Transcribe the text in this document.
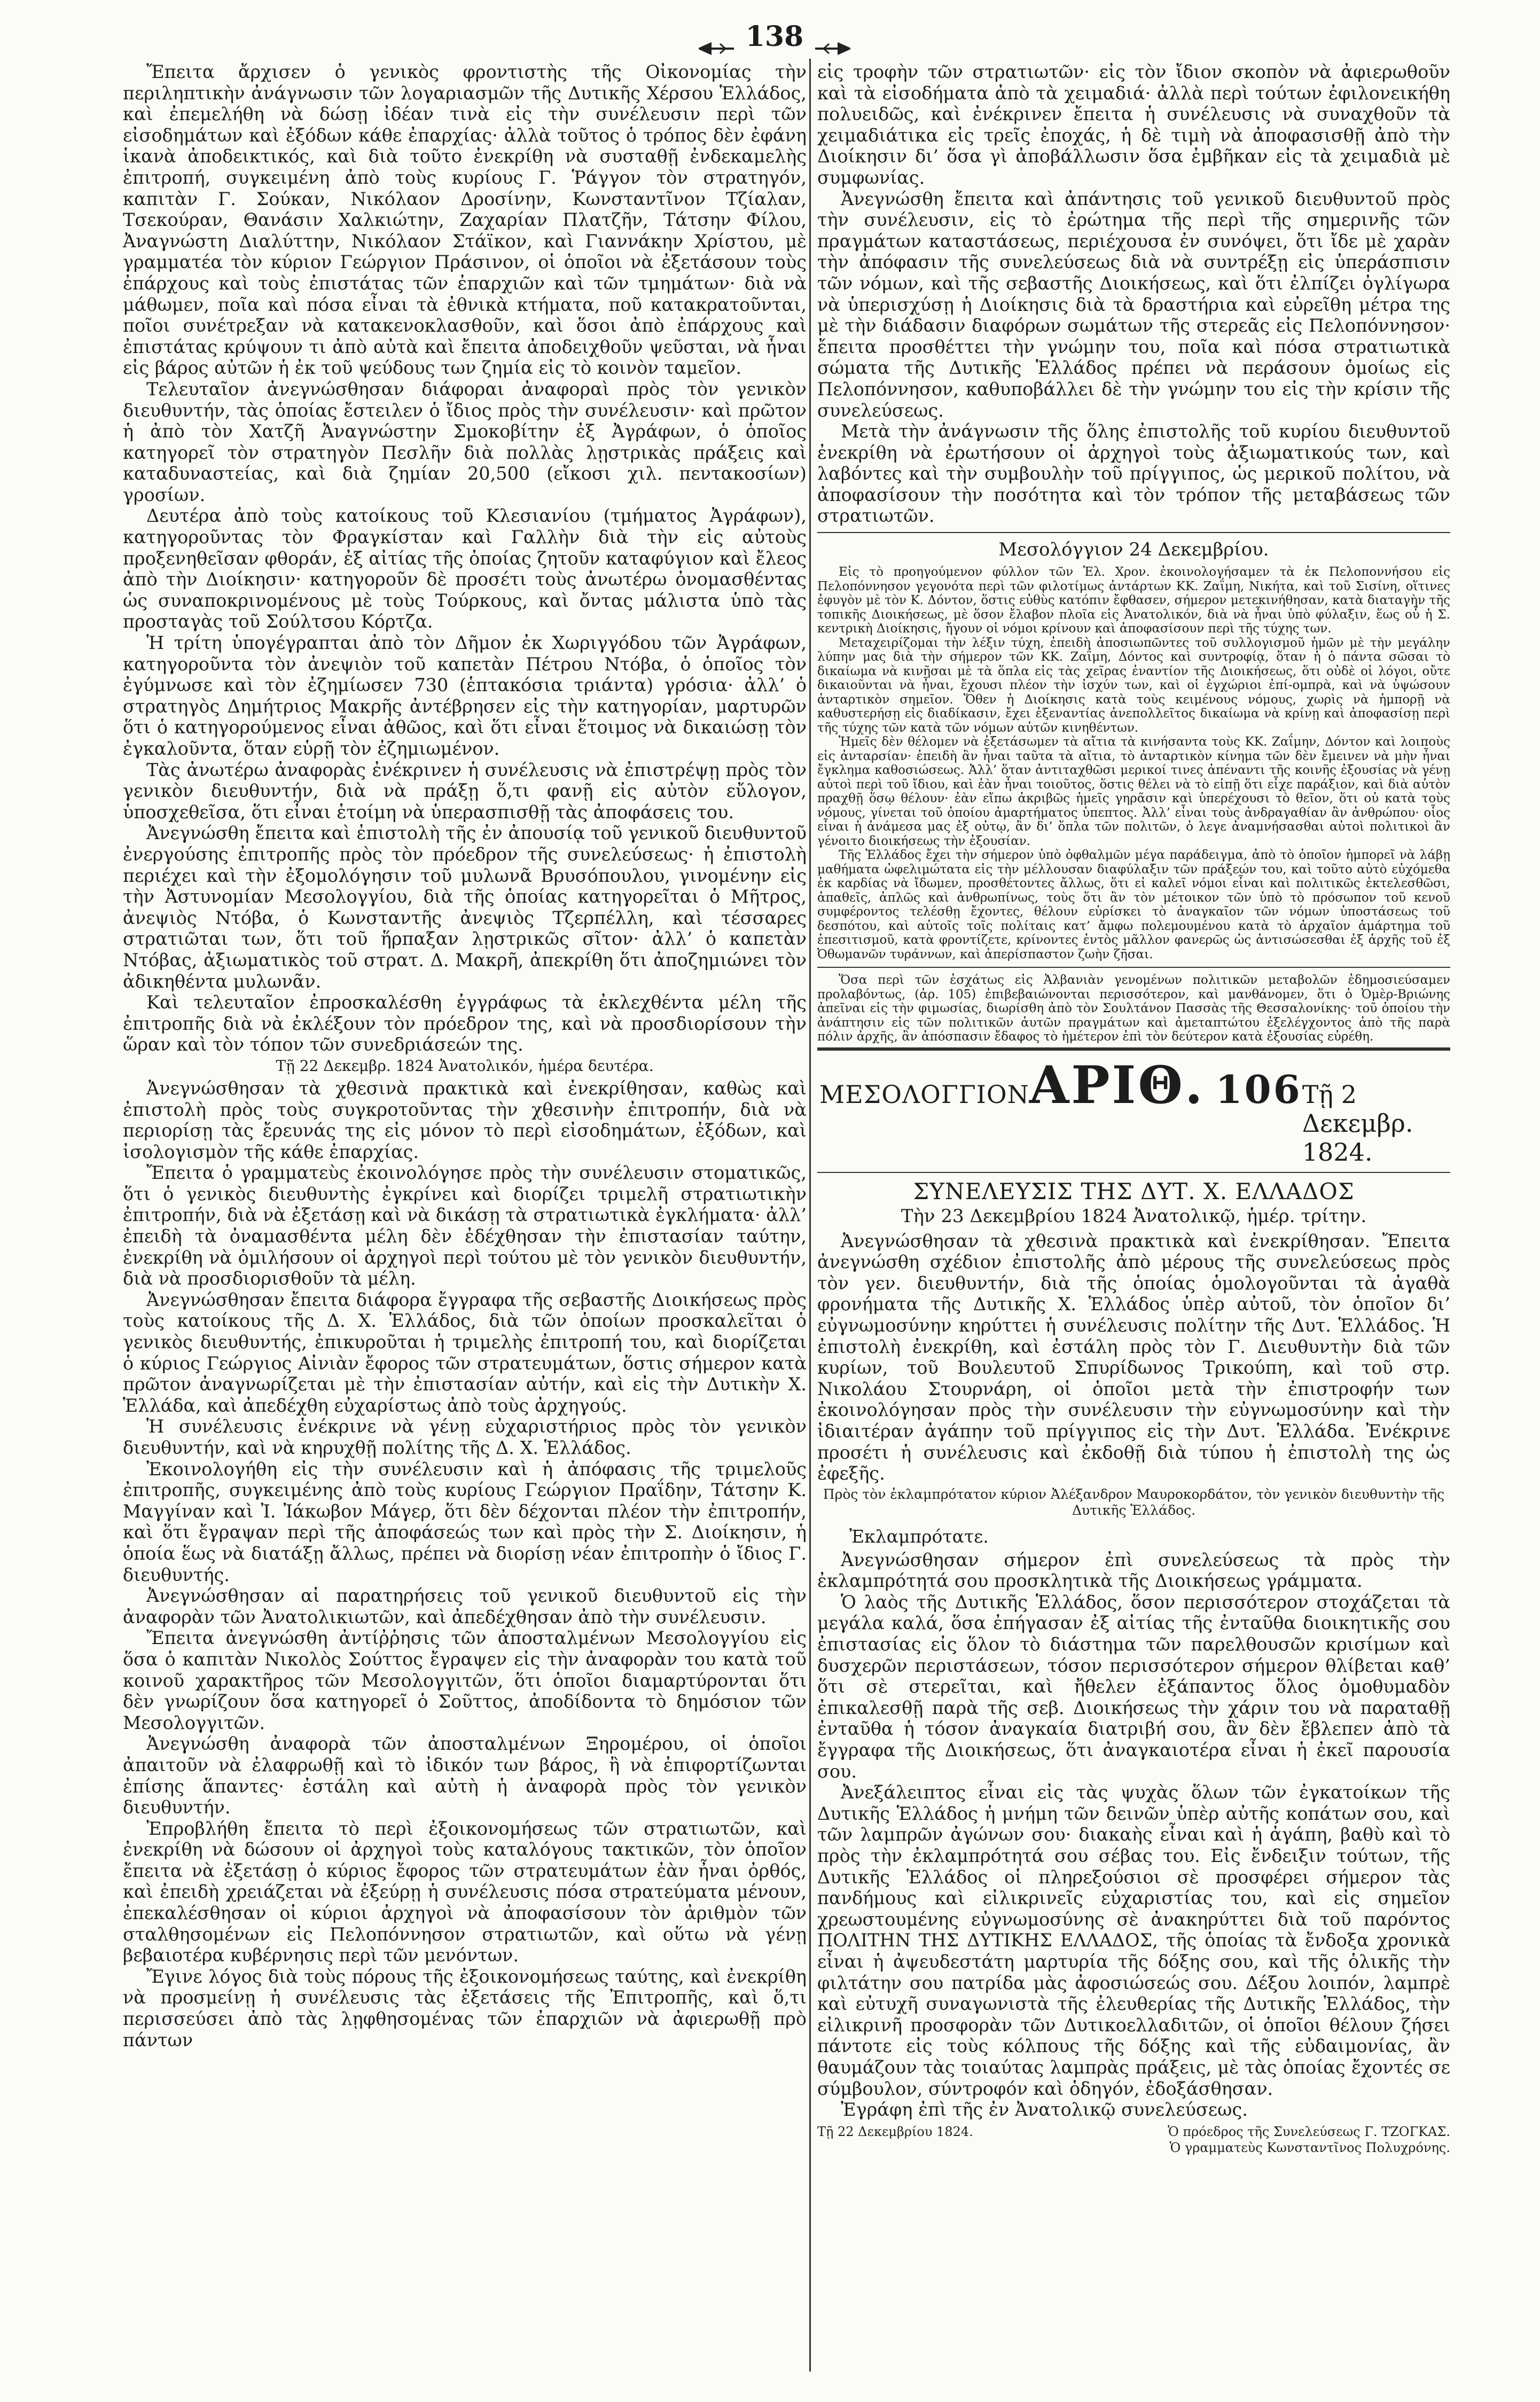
138

Ἔπειτα ἄρχισεν ὁ γενικὸς φροντιστὴς τῆς Οἰκονομίας τὴν περιληπτικὴν ἀνάγνωσιν τῶν λογαριασμῶν τῆς Δυτικῆς Χέρσου Ἑλλάδος, καὶ ἐπεμελήθη νὰ δώσῃ ἰδέαν τινὰ εἰς τὴν συνέλευσιν περὶ τῶν εἰσοδημάτων καὶ ἐξόδων κάθε ἐπαρχίας· ἀλλὰ τοῦτος ὁ τρόπος δὲν ἐφάνη ἱκανὰ ἀποδεικτικός, καὶ διὰ τοῦτο ἐνεκρίθη νὰ συσταθῇ ἐνδεκαμελὴς ἐπιτροπή, συγκειμένη ἀπὸ τοὺς κυρίους Γ. Ῥάγγον τὸν στρατηγόν, καπιτὰν Γ. Σούκαν, Νικόλαον Δροσίνην, Κωνσταντῖνον Τζίαλαν, Τσεκούραν, Θανάσιν Χαλκιώτην, Ζαχαρίαν Πλατζῆν, Τάτσην Φίλου, Ἀναγνώστη Διαλύττην, Νικόλαον Στάϊκον, καὶ Γιαννάκην Χρίστου, μὲ γραμματέα τὸν κύριον Γεώργιον Πράσινον, οἱ ὁποῖοι νὰ ἐξετάσουν τοὺς ἐπάρχους καὶ τοὺς ἐπιστάτας τῶν ἐπαρχιῶν καὶ τῶν τμημάτων· διὰ νὰ μάθωμεν, ποῖα καὶ πόσα εἶναι τὰ ἐθνικὰ κτήματα, ποῦ κατακρατοῦνται, ποῖοι συνέτρεξαν νὰ κατακενοκλασθοῦν, καὶ ὅσοι ἀπὸ ἐπάρχους καὶ ἐπιστάτας κρύψουν τι ἀπὸ αὐτὰ καὶ ἔπειτα ἀποδειχθοῦν ψεῦσται, νὰ ἦναι εἰς βάρος αὐτῶν ἡ ἐκ τοῦ ψεύδους των ζημία εἰς τὸ κοινὸν ταμεῖον.

Τελευταῖον ἀνεγνώσθησαν διάφοραι ἀναφοραὶ πρὸς τὸν γενικὸν διευθυντήν, τὰς ὁποίας ἔστειλεν ὁ ἴδιος πρὸς τὴν συνέλευσιν· καὶ πρῶτον ἡ ἀπὸ τὸν Χατζῆ Ἀναγνώστην Σμοκοβίτην ἐξ Ἀγράφων, ὁ ὁποῖος κατηγορεῖ τὸν στρατηγὸν Πεσλῆν διὰ πολλὰς λῃστρικὰς πράξεις καὶ καταδυναστείας, καὶ διὰ ζημίαν 20,500 (εἴκοσι χιλ. πεντακοσίων) γροσίων.

Δευτέρα ἀπὸ τοὺς κατοίκους τοῦ Κλεσιανίου (τμήματος Ἀγράφων), κατηγοροῦντας τὸν Φραγκίσταν καὶ Γαλλὴν διὰ τὴν εἰς αὐτοὺς προξενηθεῖσαν φθοράν, ἐξ αἰτίας τῆς ὁποίας ζητοῦν καταφύγιον καὶ ἔλεος ἀπὸ τὴν Διοίκησιν· κατηγοροῦν δὲ προσέτι τοὺς ἀνωτέρω ὀνομασθέντας ὡς συναποκρινομένους μὲ τοὺς Τούρκους, καὶ ὄντας μάλιστα ὑπὸ τὰς προσταγὰς τοῦ Σούλτσου Κόρτζα.

Ἡ τρίτη ὑπογέγραπται ἀπὸ τὸν Δῆμον ἐκ Χωριγγόδου τῶν Ἀγράφων, κατηγοροῦντα τὸν ἀνεψιὸν τοῦ καπετὰν Πέτρου Ντόβα, ὁ ὁποῖος τὸν ἐγύμνωσε καὶ τὸν ἐζημίωσεν 730 (ἑπτακόσια τριάντα) γρόσια· ἀλλ’ ὁ στρατηγὸς Δημήτριος Μακρῆς ἀντέβρησεν εἰς τὴν κατηγορίαν, μαρτυρῶν ὅτι ὁ κατηγορούμενος εἶναι ἀθῶος, καὶ ὅτι εἶναι ἕτοιμος νὰ δικαιώσῃ τὸν ἐγκαλοῦντα, ὅταν εὑρῇ τὸν ἐζημιωμένον.

Τὰς ἀνωτέρω ἀναφορὰς ἐνέκρινεν ἡ συνέλευσις νὰ ἐπιστρέψῃ πρὸς τὸν γενικὸν διευθυντήν, διὰ νὰ πράξῃ ὅ,τι φανῇ εἰς αὐτὸν εὔλογον, ὑποσχεθεῖσα, ὅτι εἶναι ἑτοίμη νὰ ὑπερασπισθῇ τὰς ἀποφάσεις του.

Ἀνεγνώσθη ἔπειτα καὶ ἐπιστολὴ τῆς ἐν ἀπουσίᾳ τοῦ γενικοῦ διευθυντοῦ ἐνεργούσης ἐπιτροπῆς πρὸς τὸν πρόεδρον τῆς συνελεύσεως· ἡ ἐπιστολὴ περιέχει καὶ τὴν ἐξομολόγησιν τοῦ μυλωνᾶ Βρυσόπουλου, γινομένην εἰς τὴν Ἀστυνομίαν Μεσολογγίου, διὰ τῆς ὁποίας κατηγορεῖται ὁ Μῆτρος, ἀνεψιὸς Ντόβα, ὁ Κωνσταντῆς ἀνεψιὸς Τζερπέλλη, καὶ τέσσαρες στρατιῶται των, ὅτι τοῦ ἥρπαξαν λῃστρικῶς σῖτον· ἀλλ’ ὁ καπετὰν Ντόβας, ἀξιωματικὸς τοῦ στρατ. Δ. Μακρῆ, ἀπεκρίθη ὅτι ἀποζημιώνει τὸν ἀδικηθέντα μυλωνᾶν.

Καὶ τελευταῖον ἐπροσκαλέσθη ἐγγράφως τὰ ἐκλεχθέντα μέλη τῆς ἐπιτροπῆς διὰ νὰ ἐκλέξουν τὸν πρόεδρον της, καὶ νὰ προσδιορίσουν τὴν ὥραν καὶ τὸν τόπον τῶν συνεδριάσεών της.

Τῇ 22 Δεκεμβρ. 1824 Ἀνατολικόν, ἡμέρα δευτέρα.

Ἀνεγνώσθησαν τὰ χθεσινὰ πρακτικὰ καὶ ἐνεκρίθησαν, καθὼς καὶ ἐπιστολὴ πρὸς τοὺς συγκροτοῦντας τὴν χθεσινὴν ἐπιτροπήν, διὰ νὰ περιορίσῃ τὰς ἔρευνάς της εἰς μόνον τὸ περὶ εἰσοδημάτων, ἐξόδων, καὶ ἰσολογισμὸν τῆς κάθε ἐπαρχίας.

Ἔπειτα ὁ γραμματεὺς ἐκοινολόγησε πρὸς τὴν συνέλευσιν στοματικῶς, ὅτι ὁ γενικὸς διευθυντὴς ἐγκρίνει καὶ διορίζει τριμελῆ στρατιωτικὴν ἐπιτροπήν, διὰ νὰ ἐξετάσῃ καὶ νὰ δικάσῃ τὰ στρατιωτικὰ ἐγκλήματα· ἀλλ’ ἐπειδὴ τὰ ὀναμασθέντα μέλη δὲν ἐδέχθησαν τὴν ἐπιστασίαν ταύτην, ἐνεκρίθη νὰ ὁμιλήσουν οἱ ἀρχηγοὶ περὶ τούτου μὲ τὸν γενικὸν διευθυντήν, διὰ νὰ προσδιορισθοῦν τὰ μέλη.

Ἀνεγνώσθησαν ἔπειτα διάφορα ἔγγραφα τῆς σεβαστῆς Διοικήσεως πρὸς τοὺς κατοίκους τῆς Δ. Χ. Ἑλλάδος, διὰ τῶν ὁποίων προσκαλεῖται ὁ γενικὸς διευθυντής, ἐπικυροῦται ἡ τριμελὴς ἐπιτροπή του, καὶ διορίζεται ὁ κύριος Γεώργιος Αἰνιὰν ἔφορος τῶν στρατευμάτων, ὅστις σήμερον κατὰ πρῶτον ἀναγνωρίζεται μὲ τὴν ἐπιστασίαν αὐτήν, καὶ εἰς τὴν Δυτικὴν Χ. Ἑλλάδα, καὶ ἀπεδέχθη εὐχαρίστως ἀπὸ τοὺς ἀρχηγούς.

Ἡ συνέλευσις ἐνέκρινε νὰ γένῃ εὐχαριστήριος πρὸς τὸν γενικὸν διευθυντήν, καὶ νὰ κηρυχθῇ πολίτης τῆς Δ. Χ. Ἑλλάδος.

Ἐκοινολογήθη εἰς τὴν συνέλευσιν καὶ ἡ ἀπόφασις τῆς τριμελοῦς ἐπιτροπῆς, συγκειμένης ἀπὸ τοὺς κυρίους Γεώργιον Πραΐδην, Τάτσην Κ. Μαγγίναν καὶ Ἰ. Ἰάκωβον Μάγερ, ὅτι δὲν δέχονται πλέον τὴν ἐπιτροπήν, καὶ ὅτι ἔγραψαν περὶ τῆς ἀποφάσεώς των καὶ πρὸς τὴν Σ. Διοίκησιν, ἡ ὁποία ἕως νὰ διατάξῃ ἄλλως, πρέπει νὰ διορίσῃ νέαν ἐπιτροπὴν ὁ ἴδιος Γ. διευθυντής.

Ἀνεγνώσθησαν αἱ παρατηρήσεις τοῦ γενικοῦ διευθυντοῦ εἰς τὴν ἀναφορὰν τῶν Ἀνατολικιωτῶν, καὶ ἀπεδέχθησαν ἀπὸ τὴν συνέλευσιν.

Ἔπειτα ἀνεγνώσθη ἀντίῤῥησις τῶν ἀποσταλμένων Μεσολογγίου εἰς ὅσα ὁ καπιτὰν Νικολὸς Σούττος ἔγραψεν εἰς τὴν ἀναφορὰν του κατὰ τοῦ κοινοῦ χαρακτῆρος τῶν Μεσολογγιτῶν, ὅτι ὁποῖοι διαμαρτύρονται ὅτι δὲν γνωρίζουν ὅσα κατηγορεῖ ὁ Σοῦττος, ἀποδίδοντα τὸ δημόσιον τῶν Μεσολογγιτῶν.

Ἀνεγνώσθη ἀναφορὰ τῶν ἀποσταλμένων Ξηρομέρου, οἱ ὁποῖοι ἀπαιτοῦν νὰ ἐλαφρωθῇ καὶ τὸ ἰδικόν των βάρος, ἢ νὰ ἐπιφορτίζωνται ἐπίσης ἅπαντες· ἐστάλη καὶ αὐτὴ ἡ ἀναφορὰ πρὸς τὸν γενικὸν διευθυντήν.

Ἐπροβλήθη ἔπειτα τὸ περὶ ἐξοικονομήσεως τῶν στρατιωτῶν, καὶ ἐνεκρίθη νὰ δώσουν οἱ ἀρχηγοὶ τοὺς καταλόγους τακτικῶν, τὸν ὁποῖον ἔπειτα νὰ ἐξετάσῃ ὁ κύριος ἔφορος τῶν στρατευμάτων ἐὰν ἦναι ὀρθός, καὶ ἐπειδὴ χρειάζεται νὰ ἐξεύρῃ ἡ συνέλευσις πόσα στρατεύματα μένουν, ἐπεκαλέσθησαν οἱ κύριοι ἀρχηγοὶ νὰ ἀποφασίσουν τὸν ἀριθμὸν τῶν σταλθησομένων εἰς Πελοπόννησον στρατιωτῶν, καὶ οὕτω νὰ γένῃ βεβαιοτέρα κυβέρνησις περὶ τῶν μενόντων.

Ἔγινε λόγος διὰ τοὺς πόρους τῆς ἐξοικονομήσεως ταύτης, καὶ ἐνεκρίθη νὰ προσμείνῃ ἡ συνέλευσις τὰς ἐξετάσεις τῆς Ἐπιτροπῆς, καὶ ὅ,τι περισσεύσει ἀπὸ τὰς λῃφθησομένας τῶν ἐπαρχιῶν νὰ ἀφιερωθῇ πρὸ πάντων

εἰς τροφὴν τῶν στρατιωτῶν· εἰς τὸν ἴδιον σκοπὸν νὰ ἀφιερωθοῦν καὶ τὰ εἰσοδήματα ἀπὸ τὰ χειμαδιά· ἀλλὰ περὶ τούτων ἐφιλονεικήθη πολυειδῶς, καὶ ἐνέκρινεν ἔπειτα ἡ συνέλευσις νὰ συναχθοῦν τὰ χειμαδιάτικα εἰς τρεῖς ἐποχάς, ἡ δὲ τιμὴ νὰ ἀποφασισθῇ ἀπὸ τὴν Διοίκησιν δι’ ὅσα γὶ ἀποβάλλωσιν ὅσα ἐμβῆκαν εἰς τὰ χειμαδιὰ μὲ συμφωνίας.

Ἀνεγνώσθη ἔπειτα καὶ ἀπάντησις τοῦ γενικοῦ διευθυντοῦ πρὸς τὴν συνέλευσιν, εἰς τὸ ἐρώτημα τῆς περὶ τῆς σημερινῆς τῶν πραγμάτων καταστάσεως, περιέχουσα ἐν συνόψει, ὅτι ἴδε μὲ χαρὰν τὴν ἀπόφασιν τῆς συνελεύσεως διὰ νὰ συντρέξῃ εἰς ὑπεράσπισιν τῶν νόμων, καὶ τῆς σεβαστῆς Διοικήσεως, καὶ ὅτι ἐλπίζει ὀγλίγωρα νὰ ὑπερισχύσῃ ἡ Διοίκησις διὰ τὰ δραστήρια καὶ εὐρεῖθη μέτρα της μὲ τὴν διάδασιν διαφόρων σωμάτων τῆς στερεᾶς εἰς Πελοπόννησον· ἔπειτα προσθέττει τὴν γνώμην του, ποῖα καὶ πόσα στρατιωτικὰ σώματα τῆς Δυτικῆς Ἑλλάδος πρέπει νὰ περάσουν ὁμοίως εἰς Πελοπόννησον, καθυποβάλλει δὲ τὴν γνώμην του εἰς τὴν κρίσιν τῆς συνελεύσεως.

Μετὰ τὴν ἀνάγνωσιν τῆς ὅλης ἐπιστολῆς τοῦ κυρίου διευθυντοῦ ἐνεκρίθη νὰ ἐρωτήσουν οἱ ἀρχηγοὶ τοὺς ἀξιωματικούς των, καὶ λαβόντες καὶ τὴν συμβουλὴν τοῦ πρίγγιπος, ὡς μερικοῦ πολίτου, νὰ ἀποφασίσουν τὴν ποσότητα καὶ τὸν τρόπον τῆς μεταβάσεως τῶν στρατιωτῶν.

Μεσολόγγιον 24 Δεκεμβρίου.

Εἰς τὸ προηγούμενον φύλλον τῶν Ἑλ. Χρον. ἐκοινολογήσαμεν τὰ ἐκ Πελοποννήσου εἰς Πελοπόννησον γεγονότα περὶ τῶν φιλοτίμως ἀντάρτων ΚΚ. Ζαΐμη, Νικήτα, καὶ τοῦ Σισίνη, οἵτινες ἐφυγὸν μὲ τὸν Κ. Δόντον, ὅστις εὐθὺς κατόπιν ἔφθασεν, σήμερον μετεκινήθησαν, κατὰ διαταγὴν τῆς τοπικῆς Διοικήσεως, μὲ ὅσον ἔλαβον πλοῖα εἰς Ἀνατολικόν, διὰ νὰ ἦναι ὑπὸ φύλαξιν, ἕως οὗ ἡ Σ. κεντρικὴ Διοίκησις, ἤγουν οἱ νόμοι κρίνουν καὶ ἀποφασίσουν περὶ τῆς τύχης των.

Μεταχειρίζομαι τὴν λέξιν τύχη, ἐπειδὴ ἀποσιωπῶντες τοῦ συλλογισμοῦ ἡμῶν μὲ τὴν μεγάλην λύπην μας διὰ τὴν σήμερον τῶν ΚΚ. Ζαΐμη, Δόντος καὶ συντροφίᾳ, ὅταν ἡ ὁ πάντα σῶσαι τὸ δικαίωμα νὰ κινῆσαι μὲ τὰ ὅπλα εἰς τὰς χεῖρας ἐναντίον τῆς Διοικήσεως, ὅτι οὐδὲ οἱ λόγοι, οὔτε δικαιοῦνται νὰ ἦναι, ἔχουσι πλέον τὴν ἰσχύν των, καὶ οἱ ἐγχώριοι ἐπί-ομπρὰ, καὶ νὰ ὑψώσουν ἀνταρτικὸν σημεῖον. Ὅθεν ἡ Διοίκησις κατὰ τοὺς κειμένους νόμους, χωρὶς νὰ ἡμπορῇ νὰ καθυστερήσῃ εἰς διαδίκασιν, ἔχει ἐξεναντίας ἀνεπολλεῖτος δικαίωμα νὰ κρίνῃ καὶ ἀποφασίσῃ περὶ τῆς τύχης τῶν κατὰ τῶν νόμων αὐτῶν κινηθέντων.

Ἡμεῖς δὲν θέλομεν νὰ ἐξετάσωμεν τὰ αἴτια τὰ κινήσαντα τοὺς ΚΚ. Ζαΐμην, Δόντον καὶ λοιποὺς εἰς ἀνταρσίαν· ἐπειδὴ ἂν ἦναι ταῦτα τὰ αἴτια, τὸ ἀνταρτικὸν κίνημα τῶν δὲν ἔμεινεν νὰ μὴν ἦναι ἔγκλημα καθοσιώσεως. Ἀλλ’ ὅταν ἀντιταχθῶσι μερικοί τινες ἀπέναντι τῆς κοινῆς ἐξουσίας νὰ γένῃ αὐτοὶ περὶ τοῦ ἴδιου, καὶ ἐὰν ἦναι τοιοῦτος, ὅστις θέλει νὰ τὸ εἰπῇ ὅτι εἶχε παράξιον, καὶ διὰ αὐτὸν πραχθῇ ὅσῳ θέλουν· ἐὰν εἴπω ἀκριβῶς ἡμεῖς γηρᾶσιν καὶ ὑπερέχουσι τὸ θεῖον, ὅτι οὐ κατὰ τοὺς νόμους, γίνεται τοῦ ὁποίου ἁμαρτήματος ὑπεπτος. Ἀλλ’ εἶναι τοὺς ἀνδραγαθίαν ἂν ἀνθρώπου· οἷος εἶναι ἡ ἀνάμεσα μας ἐξ οὐτῳ, ἂν δι’ ὅπλα τῶν πολιτῶν, ὁ λεγε ἀναμνήσασθαι αὐτοὶ πολιτικοὶ ἂν γένοιτο διοικήσεως τὴν ἐξουσίαν.

Τῆς Ἑλλάδος ἔχει τὴν σήμερον ὑπὸ ὀφθαλμῶν μέγα παράδειγμα, ἀπὸ τὸ ὁποῖον ἡμπορεῖ νὰ λάβῃ μαθήματα ὠφελιμώτατα εἰς τὴν μέλλουσαν διαφύλαξιν τῶν πράξεών του, καὶ τοῦτο αὐτὸ εὐχόμεθα ἐκ καρδίας νὰ ἴδωμεν, προσθέτοντες ἄλλως, ὅτι εἰ καλεῖ νόμοι εἶναι καὶ πολιτικῶς ἐκτελεσθῶσι, ἀπαθεῖς, ἀπλῶς καὶ ἀνθρωπίνως, τοὺς ὅτι ἂν τὸν μέτοικον τῶν ὑπὸ τὸ πρόσωπον τοῦ κενοῦ συμφέροντος τελέσθῃ ἔχοντες, θέλουν εὑρίσκει τὸ ἀναγκαῖον τῶν νόμων ὑποστάσεως τοῦ δεσπότου, καὶ αὐτοῖς τοῖς πολίταις κατ’ ἄμφω πολεμουμένου κατὰ τὸ ἀρχαῖον ἁμάρτημα τοῦ ἐπεσιτισμοῦ, κατὰ φροντίζετε, κρίνοντες ἐντὸς μᾶλλον φανερῶς ὡς ἀντισώσεσθαι ἐξ ἀρχῆς τοῦ ἐξ Ὀθωμανῶν τυράννων, καὶ ἀπερίσπαστον ζωὴν ζῆσαι.

Ὅσα περὶ τῶν ἐσχάτως εἰς Ἀλβανιὰν γενομένων πολιτικῶν μεταβολῶν ἐδημοσιεύσαμεν προλαβόντως, (ἀρ. 105) ἐπιβεβαιώνονται περισσότερον, καὶ μανθάνομεν, ὅτι ὁ Ὀμὲρ-Βριώνης ἀπεῖναι εἰς τὴν φιμωσίας, διωρίσθη ἀπὸ τὸν Σουλτάνον Πασσὰς τῆς Θεσσαλονίκης· τοῦ ὁποίου τὴν ἀνάπτησιν εἰς τῶν πολιτικῶν ἀυτῶν πραγμάτων καὶ ἀμεταπτώτου ἐξελέγχοντος ἀπὸ τῆς παρὰ πόλιν ἀρχῆς, ἂν ἀπόσπασιν ἔδαφος τὸ ἡμέτερον ἐπὶ τὸν δεύτερον κατὰ ἐξουσίας εὐρέθη.

ΜΕΣΟΛΟΓΓΙΟΝ ΑΡΙΘ. 106 Τῇ 2 Δεκεμβρ. 1824.
ΣΥΝΕΛΕΥΣΙΣ ΤΗΣ ΔΥΤ. Χ. ΕΛΛΑΔΟΣ
Τὴν 23 Δεκεμβρίου 1824 Ἀνατολικῷ, ἡμέρ. τρίτην.

Ἀνεγνώσθησαν τὰ χθεσινὰ πρακτικὰ καὶ ἐνεκρίθησαν. Ἔπειτα ἀνεγνώσθη σχέδιον ἐπιστολῆς ἀπὸ μέρους τῆς συνελεύσεως πρὸς τὸν γεν. διευθυντήν, διὰ τῆς ὁποίας ὁμολογοῦνται τὰ ἀγαθὰ φρονήματα τῆς Δυτικῆς Χ. Ἑλλάδος ὑπὲρ αὐτοῦ, τὸν ὁποῖον δι’ εὐγνωμοσύνην κηρύττει ἡ συνέλευσις πολίτην τῆς Δυτ. Ἑλλάδος. Ἡ ἐπιστολὴ ἐνεκρίθη, καὶ ἐστάλη πρὸς τὸν Γ. Διευθυντὴν διὰ τῶν κυρίων, τοῦ Βουλευτοῦ Σπυρίδωνος Τρικούπη, καὶ τοῦ στρ. Νικολάου Στουρνάρη, οἱ ὁποῖοι μετὰ τὴν ἐπιστροφήν των ἐκοινολόγησαν πρὸς τὴν συνέλευσιν τὴν εὐγνωμοσύνην καὶ τὴν ἰδιαιτέραν ἀγάπην τοῦ πρίγγιπος εἰς τὴν Δυτ. Ἑλλάδα. Ἐνέκρινε προσέτι ἡ συνέλευσις καὶ ἐκδοθῇ διὰ τύπου ἡ ἐπιστολὴ της ὡς ἐφεξῆς.

Πρὸς τὸν ἐκλαμπρότατον κύριον Ἀλέξανδρον Μαυροκορδάτον, τὸν γενικὸν διευθυντὴν τῆς Δυτικῆς Ἑλλάδος.
Ἐκλαμπρότατε.

Ἀνεγνώσθησαν σήμερον ἐπὶ συνελεύσεως τὰ πρὸς τὴν ἐκλαμπρότητά σου προσκλητικὰ τῆς Διοικήσεως γράμματα.

Ὁ λαὸς τῆς Δυτικῆς Ἑλλάδος, ὅσον περισσότερον στοχάζεται τὰ μεγάλα καλά, ὅσα ἐπήγασαν ἐξ αἰτίας τῆς ἐνταῦθα διοικητικῆς σου ἐπιστασίας εἰς ὅλον τὸ διάστημα τῶν παρελθουσῶν κρισίμων καὶ δυσχερῶν περιστάσεων, τόσον περισσότερον σήμερον θλίβεται καθ’ ὅτι σὲ στερεῖται, καὶ ἤθελεν ἐξάπαντος ὅλος ὁμοθυμαδὸν ἐπικαλεσθῇ παρὰ τῆς σεβ. Διοικήσεως τὴν χάριν του νὰ παραταθῇ ἐνταῦθα ἡ τόσον ἀναγκαία διατριβή σου, ἂν δὲν ἔβλεπεν ἀπὸ τὰ ἔγγραφα τῆς Διοικήσεως, ὅτι ἀναγκαιοτέρα εἶναι ἡ ἐκεῖ παρουσία σου.

Ἀνεξάλειπτος εἶναι εἰς τὰς ψυχὰς ὅλων τῶν ἐγκατοίκων τῆς Δυτικῆς Ἑλλάδος ἡ μνήμη τῶν δεινῶν ὑπὲρ αὐτῆς κοπάτων σου, καὶ τῶν λαμπρῶν ἀγώνων σου· διακαὴς εἶναι καὶ ἡ ἀγάπη, βαθὺ καὶ τὸ πρὸς τὴν ἐκλαμπρότητά σου σέβας του. Εἰς ἔνδειξιν τούτων, τῆς Δυτικῆς Ἑλλάδος οἱ πληρεξούσιοι σὲ προσφέρει σήμερον τὰς πανδήμους καὶ εἰλικρινεῖς εὐχαριστίας του, καὶ εἰς σημεῖον χρεωστουμένης εὐγνωμοσύνης σὲ ἀνακηρύττει διὰ τοῦ παρόντος ΠΟΛΙΤΗΝ ΤΗΣ ΔΥΤΙΚΗΣ ΕΛΛΑΔΟΣ, τῆς ὁποίας τὰ ἔνδοξα χρονικὰ εἶναι ἡ ἀψευδεστάτη μαρτυρία τῆς δόξης σου, καὶ τῆς ὁλικῆς τὴν φιλτάτην σου πατρίδα μὰς ἀφοσιώσεώς σου. Δέξου λοιπόν, λαμπρὲ καὶ εὐτυχῆ συναγωνιστὰ τῆς ἐλευθερίας τῆς Δυτικῆς Ἑλλάδος, τὴν εἰλικρινῆ προσφορὰν τῶν Δυτικοελλαδιτῶν, οἱ ὁποῖοι θέλουν ζήσει πάντοτε εἰς τοὺς κόλπους τῆς δόξης καὶ τῆς εὐδαιμονίας, ἂν θαυμάζουν τὰς τοιαύτας λαμπρὰς πράξεις, μὲ τὰς ὁποίας ἔχοντές σε σύμβουλον, σύντροφόν καὶ ὁδηγόν, ἐδοξάσθησαν.

Ἐγράφη ἐπὶ τῆς ἐν Ἀνατολικῷ συνελεύσεως.

Τῇ 22 Δεκεμβρίου 1824.	Ὁ πρόεδρος τῆς Συνελεύσεως Γ. ΤΖΟΓΚΑΣ.
Ὁ γραμματεὺς Κωνσταντῖνος Πολυχρόνης.
